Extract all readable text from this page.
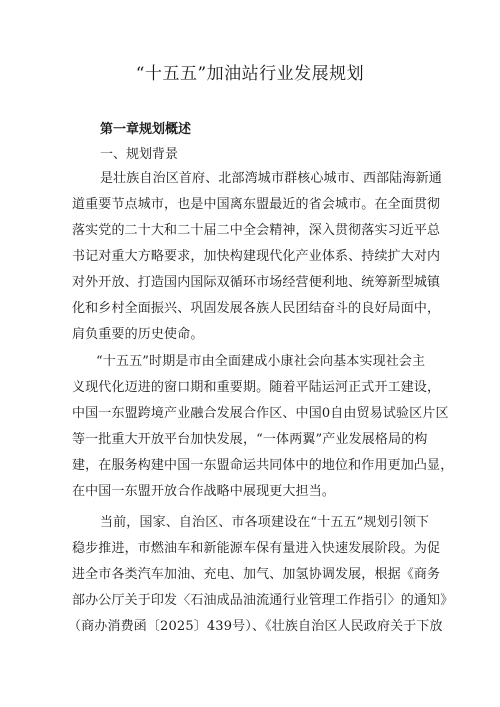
“十五五”加油站行业发展规划
第一章规划概述
一、规划背景
是壮族自治区首府、北部湾城市群核心城市、西部陆海新通
道重要节点城市，也是中国离东盟最近的省会城市。在全面贯彻
落实党的二十大和二十届二中全会精神，深入贯彻落实习近平总
书记对重大方略要求，加快构建现代化产业体系、持续扩大对内
对外开放、打造国内国际双循环市场经营便利地、统筹新型城镇
化和乡村全面振兴、巩固发展各族人民团结奋斗的良好局面中，
肩负重要的历史使命。
“十五五”时期是市由全面建成小康社会向基本实现社会主
义现代化迈进的窗口期和重要期。随着平陆运河正式开工建设，
中国一东盟跨境产业融合发展合作区、中国0自由贸易试验区片区
等一批重大开放平台加快发展，“一体两翼”产业发展格局的构
建，在服务构建中国一东盟命运共同体中的地位和作用更加凸显，
在中国一东盟开放合作战略中展现更大担当。
当前，国家、自治区、市各项建设在“十五五”规划引领下
稳步推进，市燃油车和新能源车保有量进入快速发展阶段。为促
进全市各类汽车加油、充电、加气、加氢协调发展，根据《商务
部办公厅关于印发〈石油成品油流通行业管理工作指引〉的通知》
（商办消费函〔2025〕439号）、《壮族自治区人民政府关于下放
